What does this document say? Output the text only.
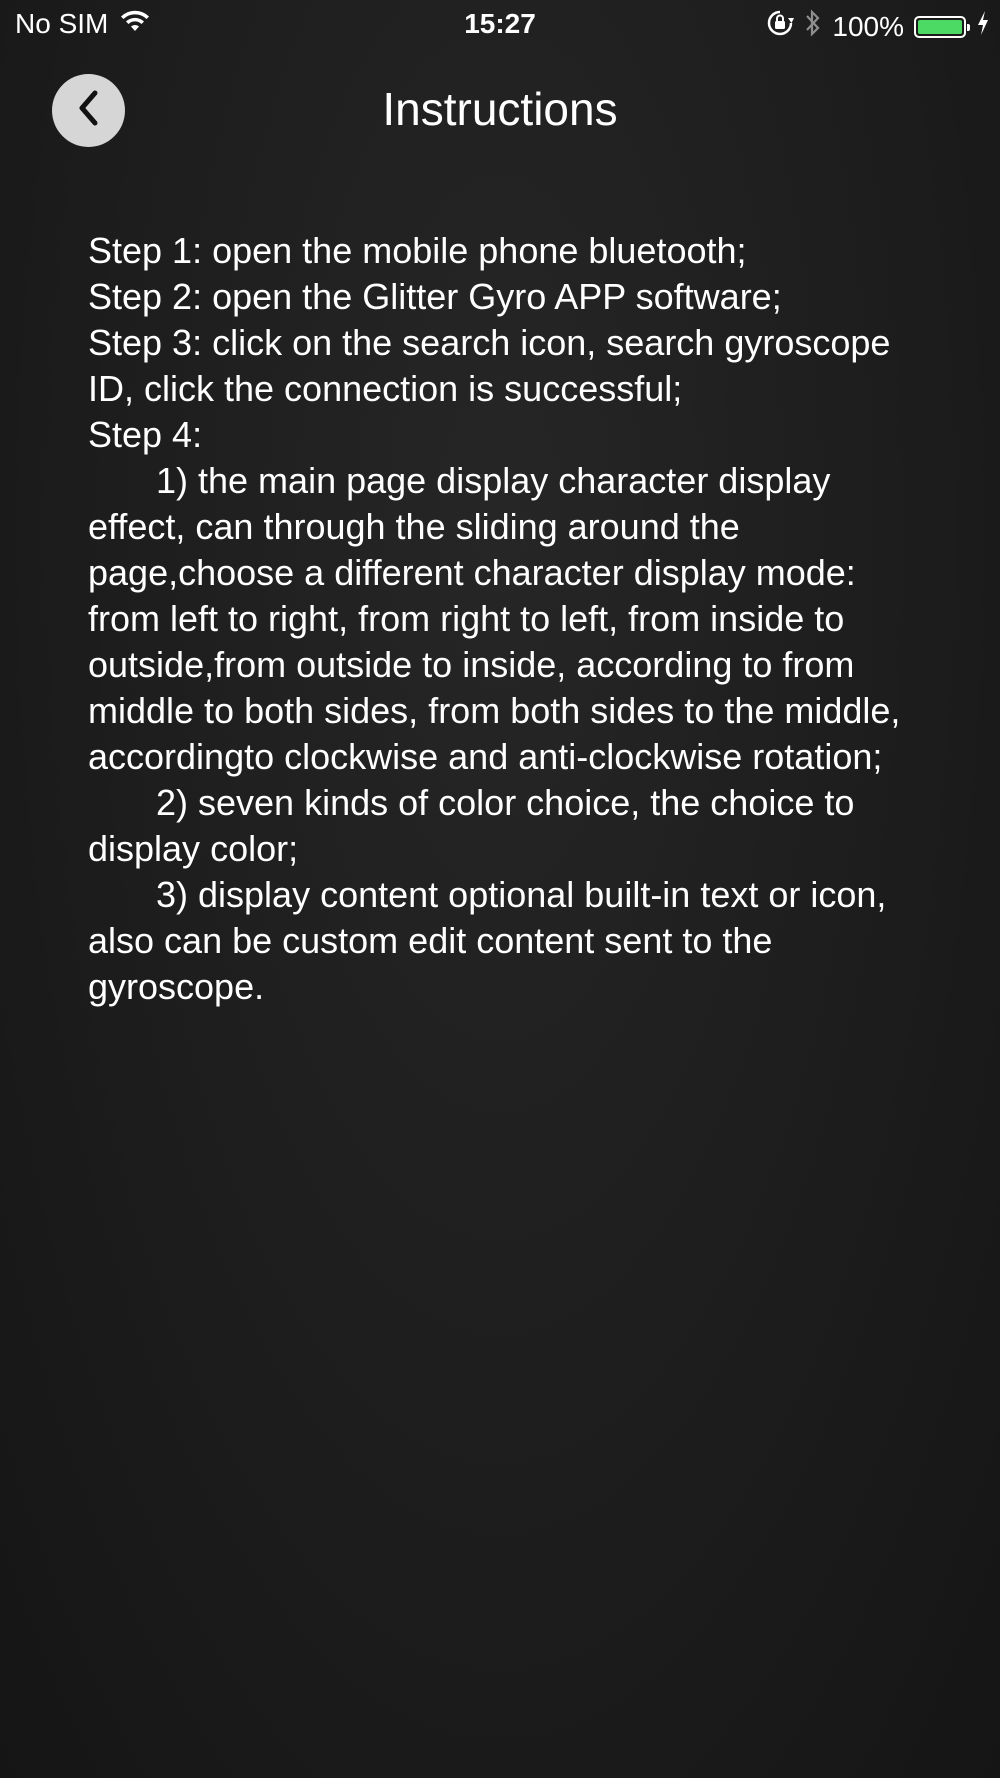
No SIM	15:27	100%
Instructions

Step 1: open the mobile phone bluetooth;

Step 2: open the Glitter Gyro APP software;

Step 3: click on the search icon, search gyroscope ID, click the connection is successful;

Step 4:

1) the main page display character display effect, can through the sliding around the page,choose a different character display mode: from left to right, from right to left, from inside to outside,from outside to inside, according to from middle to both sides, from both sides to the middle, accordingto clockwise and anti-clockwise rotation;

2) seven kinds of color choice, the choice to display color;

3) display content optional built-in text or icon, also can be custom edit content sent to the gyroscope.
